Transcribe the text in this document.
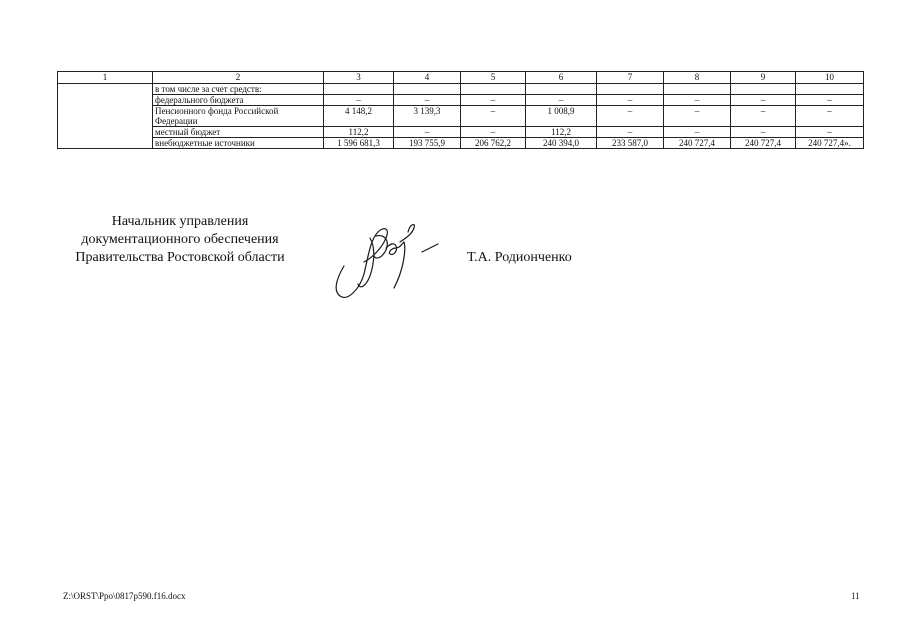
1	2	3	4	5	6	7	8	9	10
	в том числе за счет средств:								
	федерального бюджета	–	–	–	–	–	–	–	–
	Пенсионного фонда Российской Федерации	4 148,2	3 139,3	–	1 008,9	–	–	–	–
	местный бюджет	112,2	–	–	112,2	–	–	–	–
	внебюджетные источники	1 596 681,3	193 755,9	206 762,2	240 394,0	233 587,0	240 727,4	240 727,4	240 727,4».
Начальник управления
документационного обеспечения
Правительства Ростовской области	Т.А. Родионченко
Z:\ORST\Ppo\0817p590.f16.docx	11
